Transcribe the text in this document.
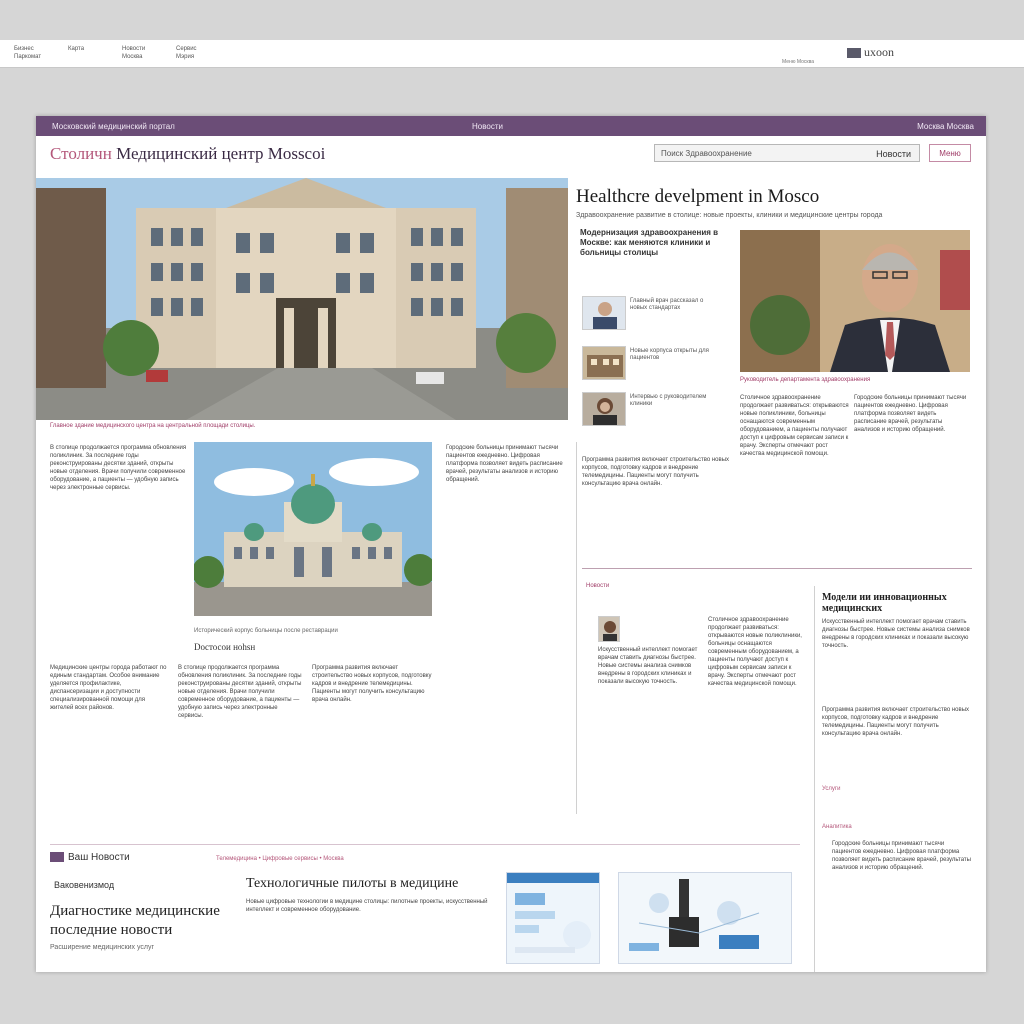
Бизнес Паркомат
Карта	Новости Москва
Сервис Мэрия	uxoon
Меню Москва
Московский медицинский портал	Новости	Москва Москва
Столичн Медицинский центр Mosscoi	Поиск Здравоохранение	Новости	Меню
Главное здание медицинского центра на центральной площади столицы.
Healthcre develpment in Mosco
Здравоохранение развитие в столице: новые проекты, клиники и медицинские центры города
Модернизация здравоохранения в Москве: как меняются клиники и больницы столицы
Главный врач рассказал о новых стандартах
Новые корпуса открыты для пациентов
Интервью с руководителем клиники
Руководитель департамента здравоохранения
Столичное здравоохранение продолжает развиваться: открываются новые поликлиники, больницы оснащаются современным оборудованием, а пациенты получают доступ к цифровым сервисам записи к врачу. Эксперты отмечают рост качества медицинской помощи.
Городские больницы принимают тысячи пациентов ежедневно. Цифровая платформа позволяет видеть расписание врачей, результаты анализов и историю обращений.
Программа развития включает строительство новых корпусов, подготовку кадров и внедрение телемедицины. Пациенты могут получить консультацию врача онлайн.
В столице продолжается программа обновления поликлиник. За последние годы реконструированы десятки зданий, открыты новые отделения. Врачи получили современное оборудование, а пациенты — удобную запись через электронные сервисы.
Исторический корпус больницы после реставрации
Doстосои ноhsн
Медицинские центры города работают по единым стандартам. Особое внимание уделяется профилактике, диспансеризации и доступности специализированной помощи для жителей всех районов.
В столице продолжается программа обновления поликлиник. За последние годы реконструированы десятки зданий, открыты новые отделения. Врачи получили современное оборудование, а пациенты — удобную запись через электронные сервисы.
Программа развития включает строительство новых корпусов, подготовку кадров и внедрение телемедицины. Пациенты могут получить консультацию врача онлайн.
Городские больницы принимают тысячи пациентов ежедневно. Цифровая платформа позволяет видеть расписание врачей, результаты анализов и историю обращений.
Новости
Искусственный интеллект помогает врачам ставить диагнозы быстрее. Новые системы анализа снимков внедрены в городских клиниках и показали высокую точность.
Столичное здравоохранение продолжает развиваться: открываются новые поликлиники, больницы оснащаются современным оборудованием, а пациенты получают доступ к цифровым сервисам записи к врачу. Эксперты отмечают рост качества медицинской помощи.
Модели ии инновационных медицинских
Искусственный интеллект помогает врачам ставить диагнозы быстрее. Новые системы анализа снимков внедрены в городских клиниках и показали высокую точность.
Услуги
Программа развития включает строительство новых корпусов, подготовку кадров и внедрение телемедицины. Пациенты могут получить консультацию врача онлайн.
Аналитика
Городские больницы принимают тысячи пациентов ежедневно. Цифровая платформа позволяет видеть расписание врачей, результаты анализов и историю обращений.
Ваш Новости	Телемедицина • Цифровые сервисы • Москва
Ваковенизмод
Диагностике медицинские последние новости
Расширение медицинских услуг
Технологичные пилоты в медицине
Новые цифровые технологии в медицине столицы: пилотные проекты, искусственный интеллект и современное оборудование.
